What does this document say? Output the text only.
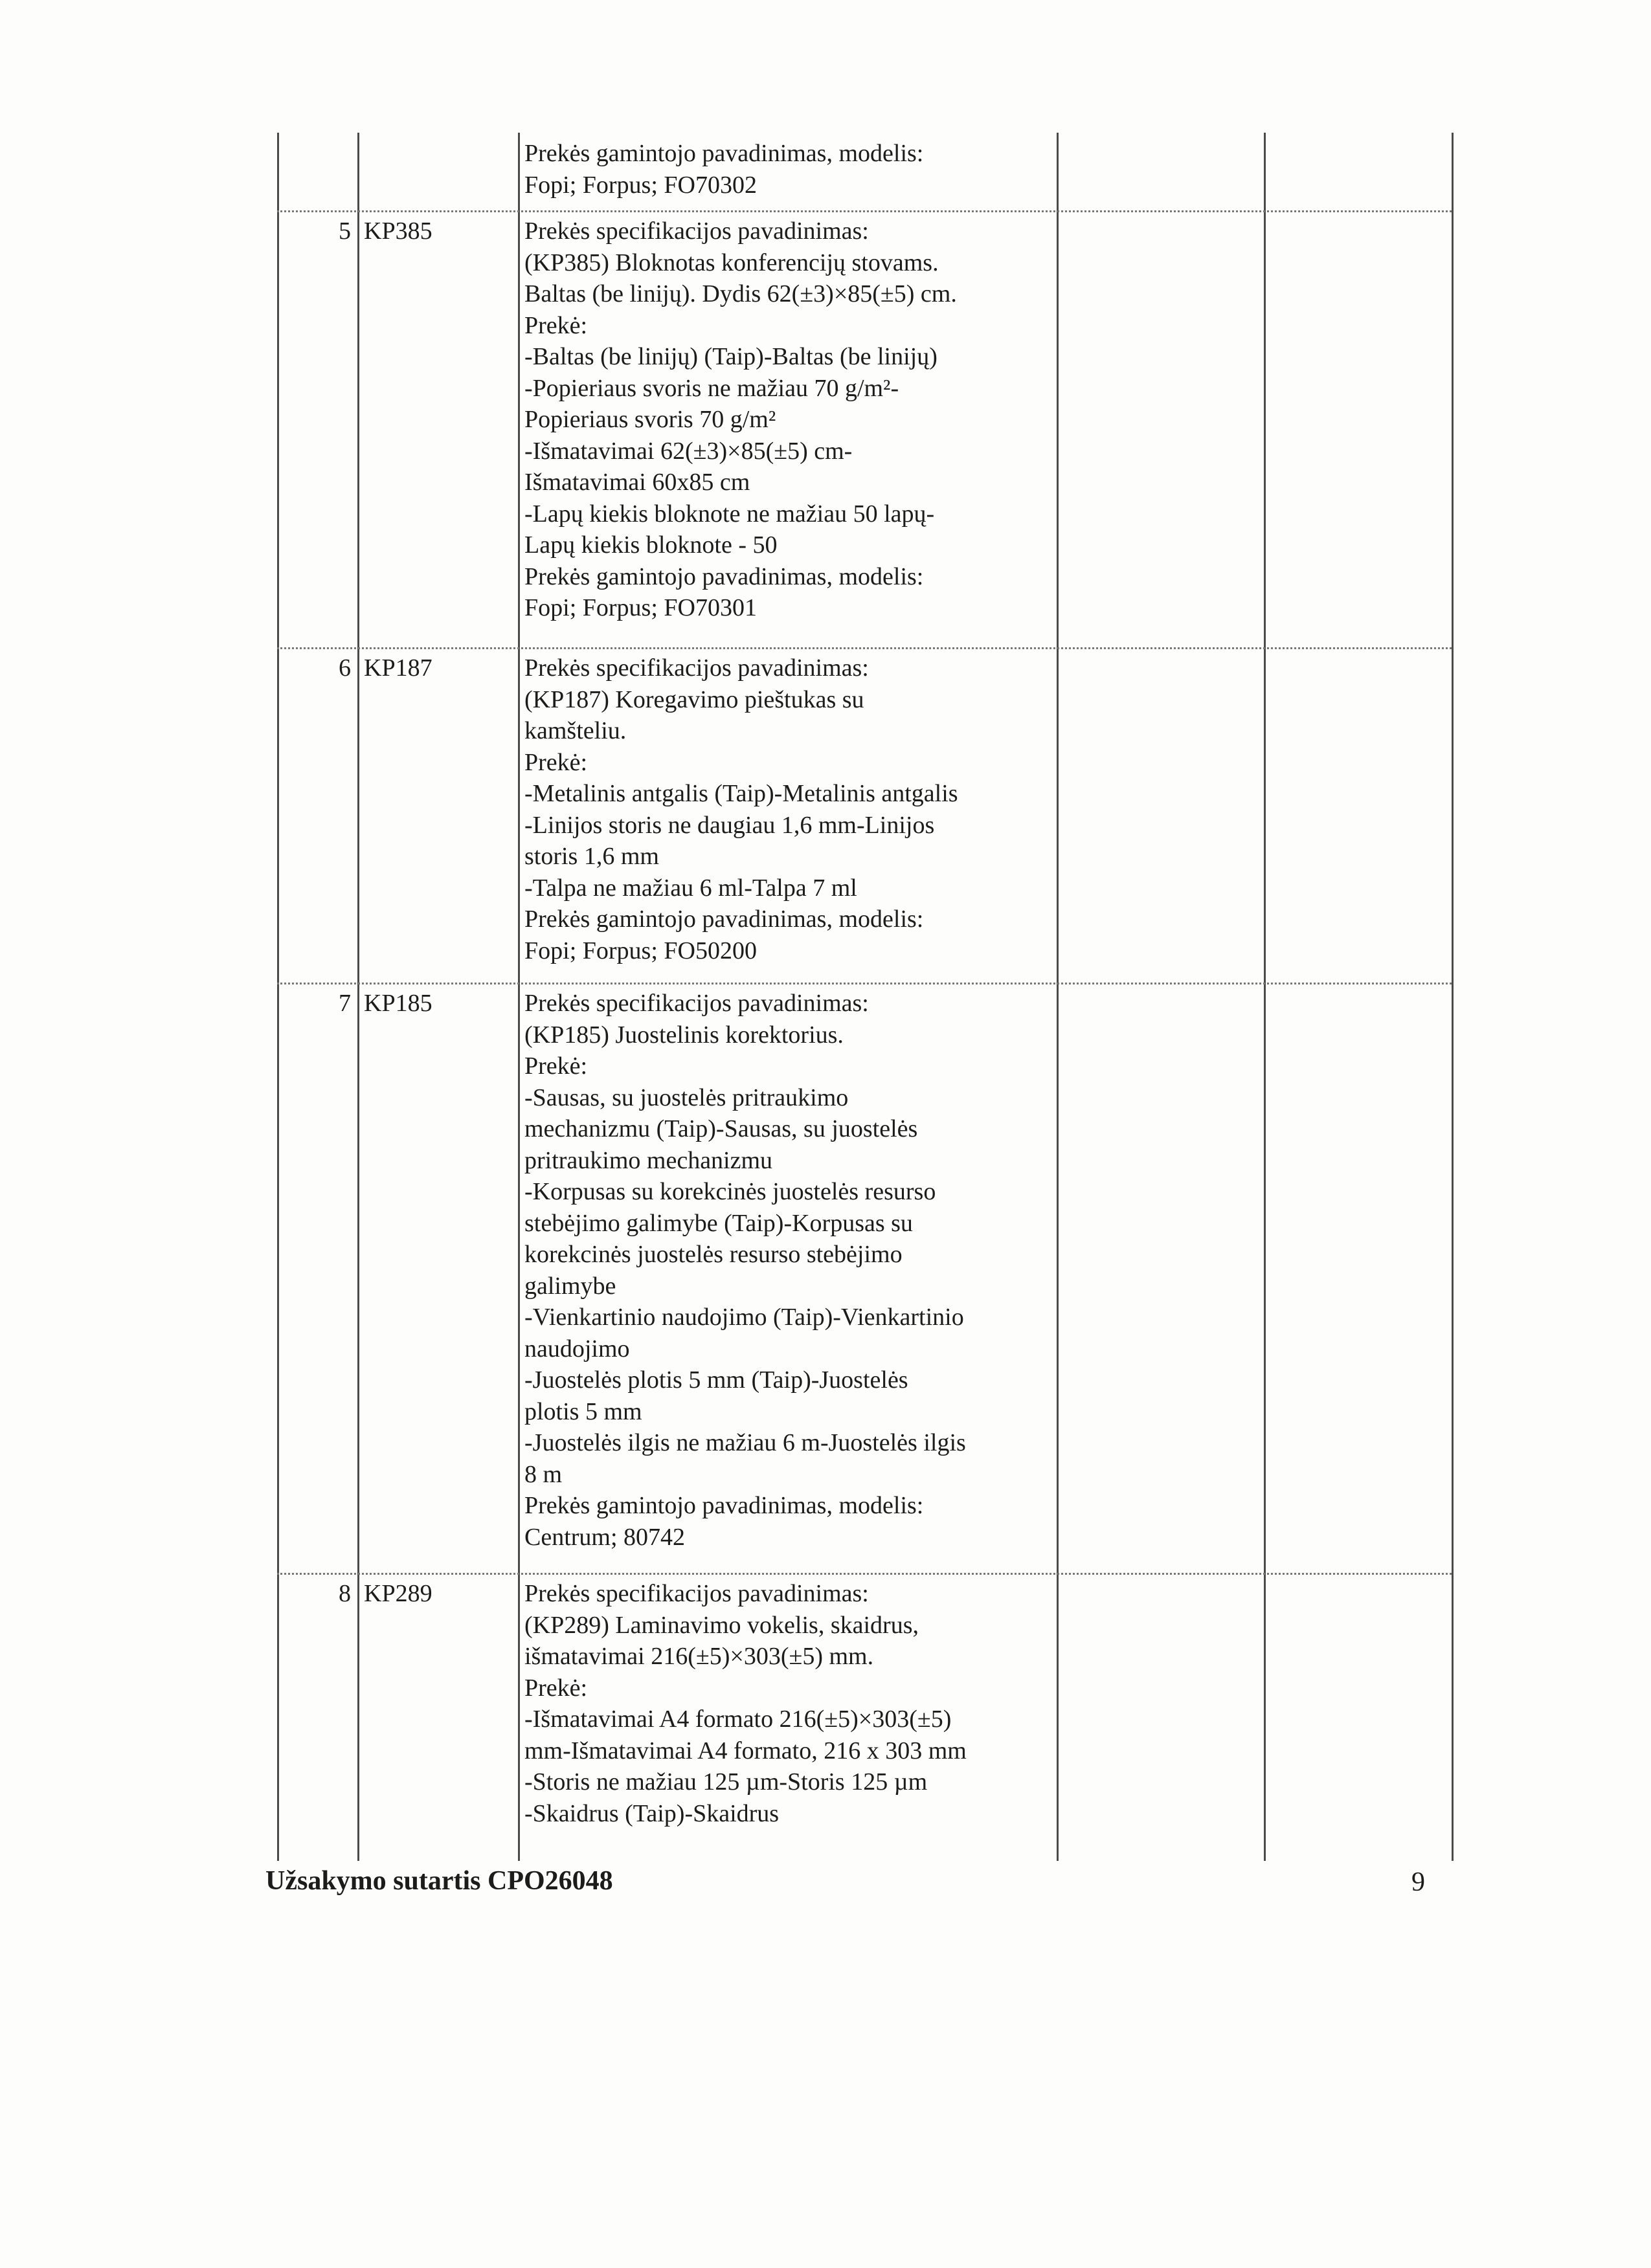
Prekės gamintojo pavadinimas, modelis:
Fopi; Forpus; FO70302
5 KP385	Prekės specifikacijos pavadinimas:
(KP385) Bloknotas konferencijų stovams.
Baltas (be linijų). Dydis 62(±3)×85(±5) cm.
Prekė:
-Baltas (be linijų) (Taip)-Baltas (be linijų)
-Popieriaus svoris ne mažiau 70 g/m²-
Popieriaus svoris 70 g/m²
-Išmatavimai 62(±3)×85(±5) cm-
Išmatavimai 60x85 cm
-Lapų kiekis bloknote ne mažiau 50 lapų-
Lapų kiekis bloknote - 50
Prekės gamintojo pavadinimas, modelis:
Fopi; Forpus; FO70301
6 KP187	Prekės specifikacijos pavadinimas:
(KP187) Koregavimo pieštukas su
kamšteliu.
Prekė:
-Metalinis antgalis (Taip)-Metalinis antgalis
-Linijos storis ne daugiau 1,6 mm-Linijos
storis 1,6 mm
-Talpa ne mažiau 6 ml-Talpa 7 ml
Prekės gamintojo pavadinimas, modelis:
Fopi; Forpus; FO50200
7 KP185	Prekės specifikacijos pavadinimas:
(KP185) Juostelinis korektorius.
Prekė:
-Sausas, su juostelės pritraukimo
mechanizmu (Taip)-Sausas, su juostelės
pritraukimo mechanizmu
-Korpusas su korekcinės juostelės resurso
stebėjimo galimybe (Taip)-Korpusas su
korekcinės juostelės resurso stebėjimo
galimybe
-Vienkartinio naudojimo (Taip)-Vienkartinio
naudojimo
-Juostelės plotis 5 mm (Taip)-Juostelės
plotis 5 mm
-Juostelės ilgis ne mažiau 6 m-Juostelės ilgis
8 m
Prekės gamintojo pavadinimas, modelis:
Centrum; 80742
8 KP289	Prekės specifikacijos pavadinimas:
(KP289) Laminavimo vokelis, skaidrus,
išmatavimai 216(±5)×303(±5) mm.
Prekė:
-Išmatavimai A4 formato 216(±5)×303(±5)
mm-Išmatavimai A4 formato, 216 x 303 mm
-Storis ne mažiau 125 µm-Storis 125 µm
-Skaidrus (Taip)-Skaidrus
Užsakymo sutartis CPO26048	9
